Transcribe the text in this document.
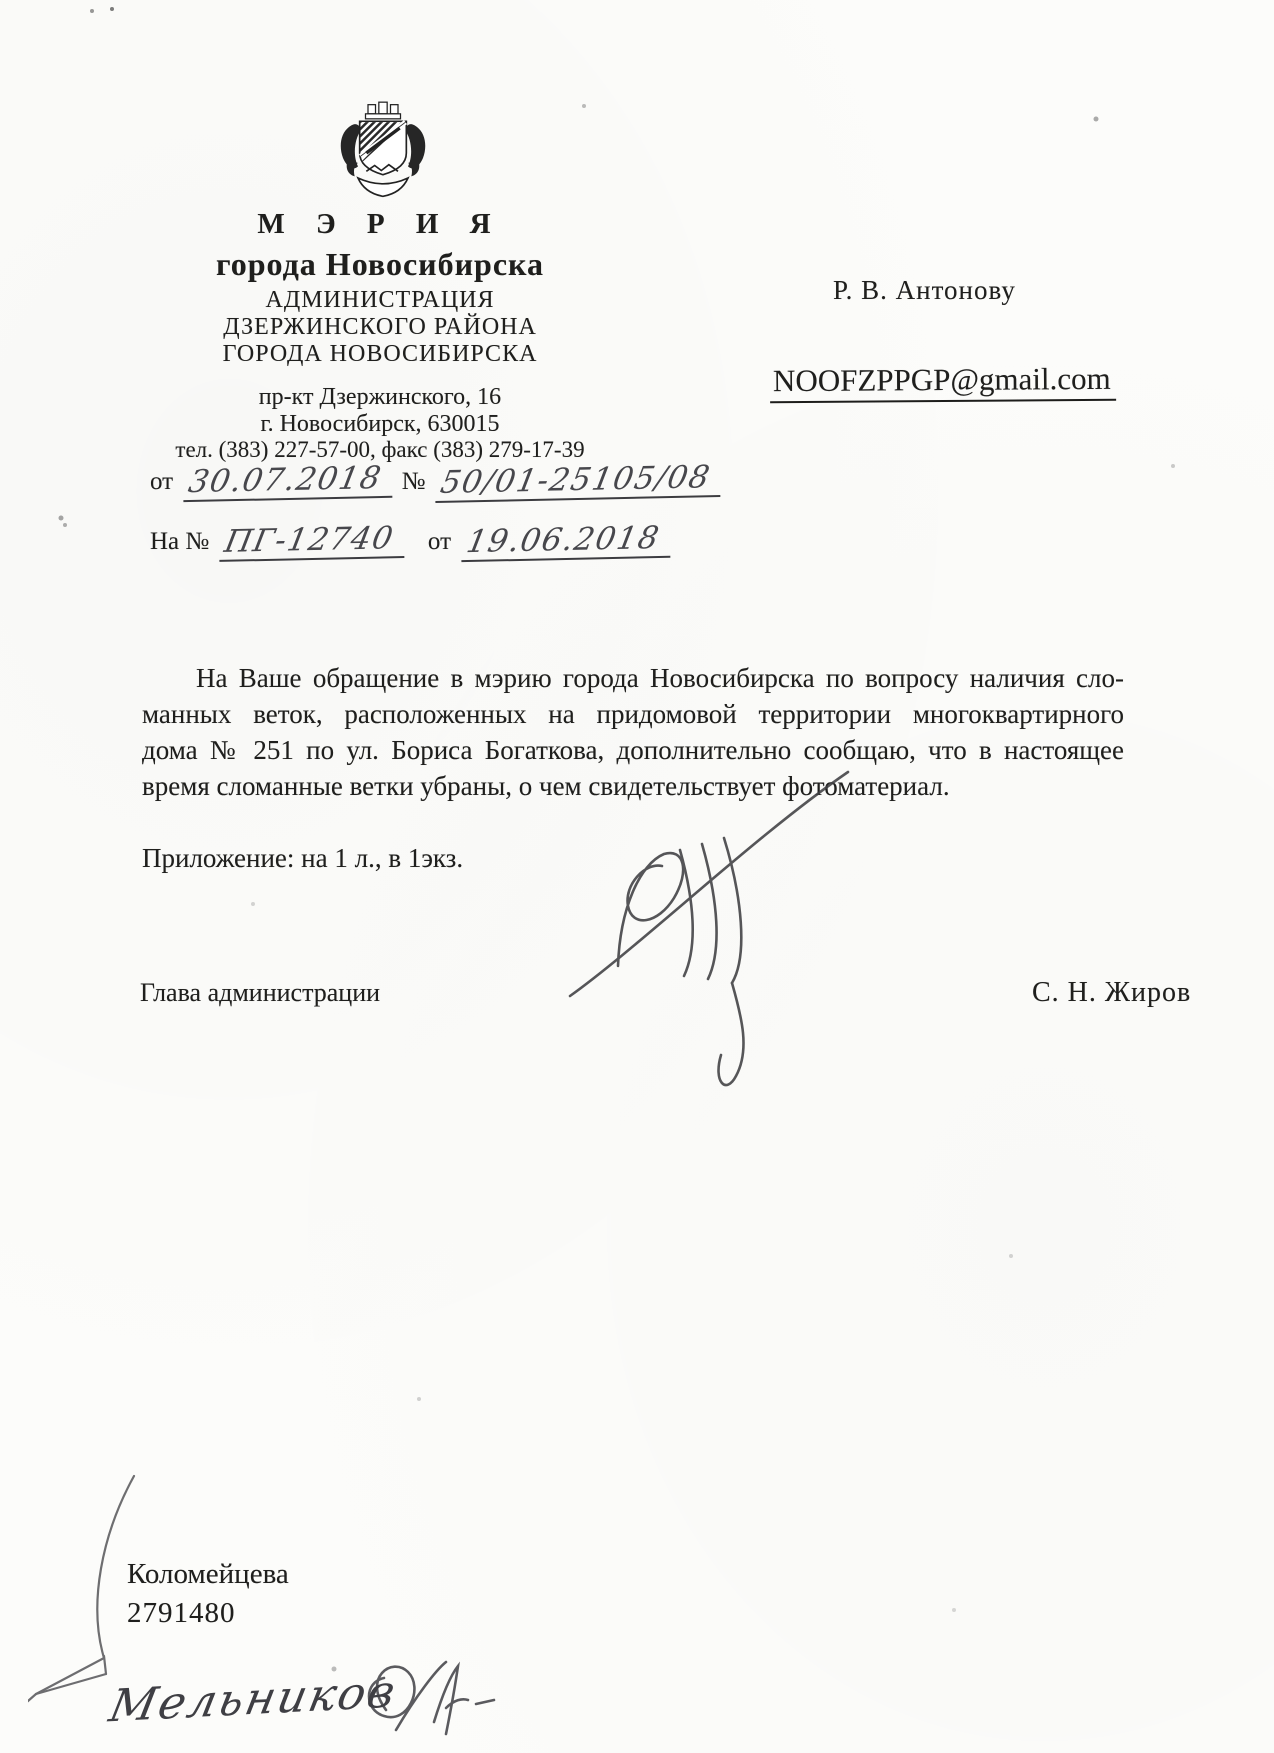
М Э Р И Я
города Новосибирска
АДМИНИСТРАЦИЯ
ДЗЕРЖИНСКОГО РАЙОНА
ГОРОДА НОВОСИБИРСКА
пр-кт Дзержинского, 16
г. Новосибирск, 630015
тел. (383) 227-57-00, факс (383) 279-17-39
от 30.07.2018 № 50/01-25105/08
На № ПГ-12740 от 19.06.2018
Р. В. Антонову
NOOFZPPGP@gmail.com
На Ваше обращение в мэрию города Новосибирска по вопросу наличия сло-
манных веток, расположенных на придомовой территории многоквартирного
дома № 251 по ул. Бориса Богаткова, дополнительно сообщаю, что в настоящее
время сломанные ветки убраны, о чем свидетельствует фотоматериал.
Приложение: на 1 л., в 1экз.
Глава администрации	С. Н. Жиров
Коломейцева
2791480
Мельников
